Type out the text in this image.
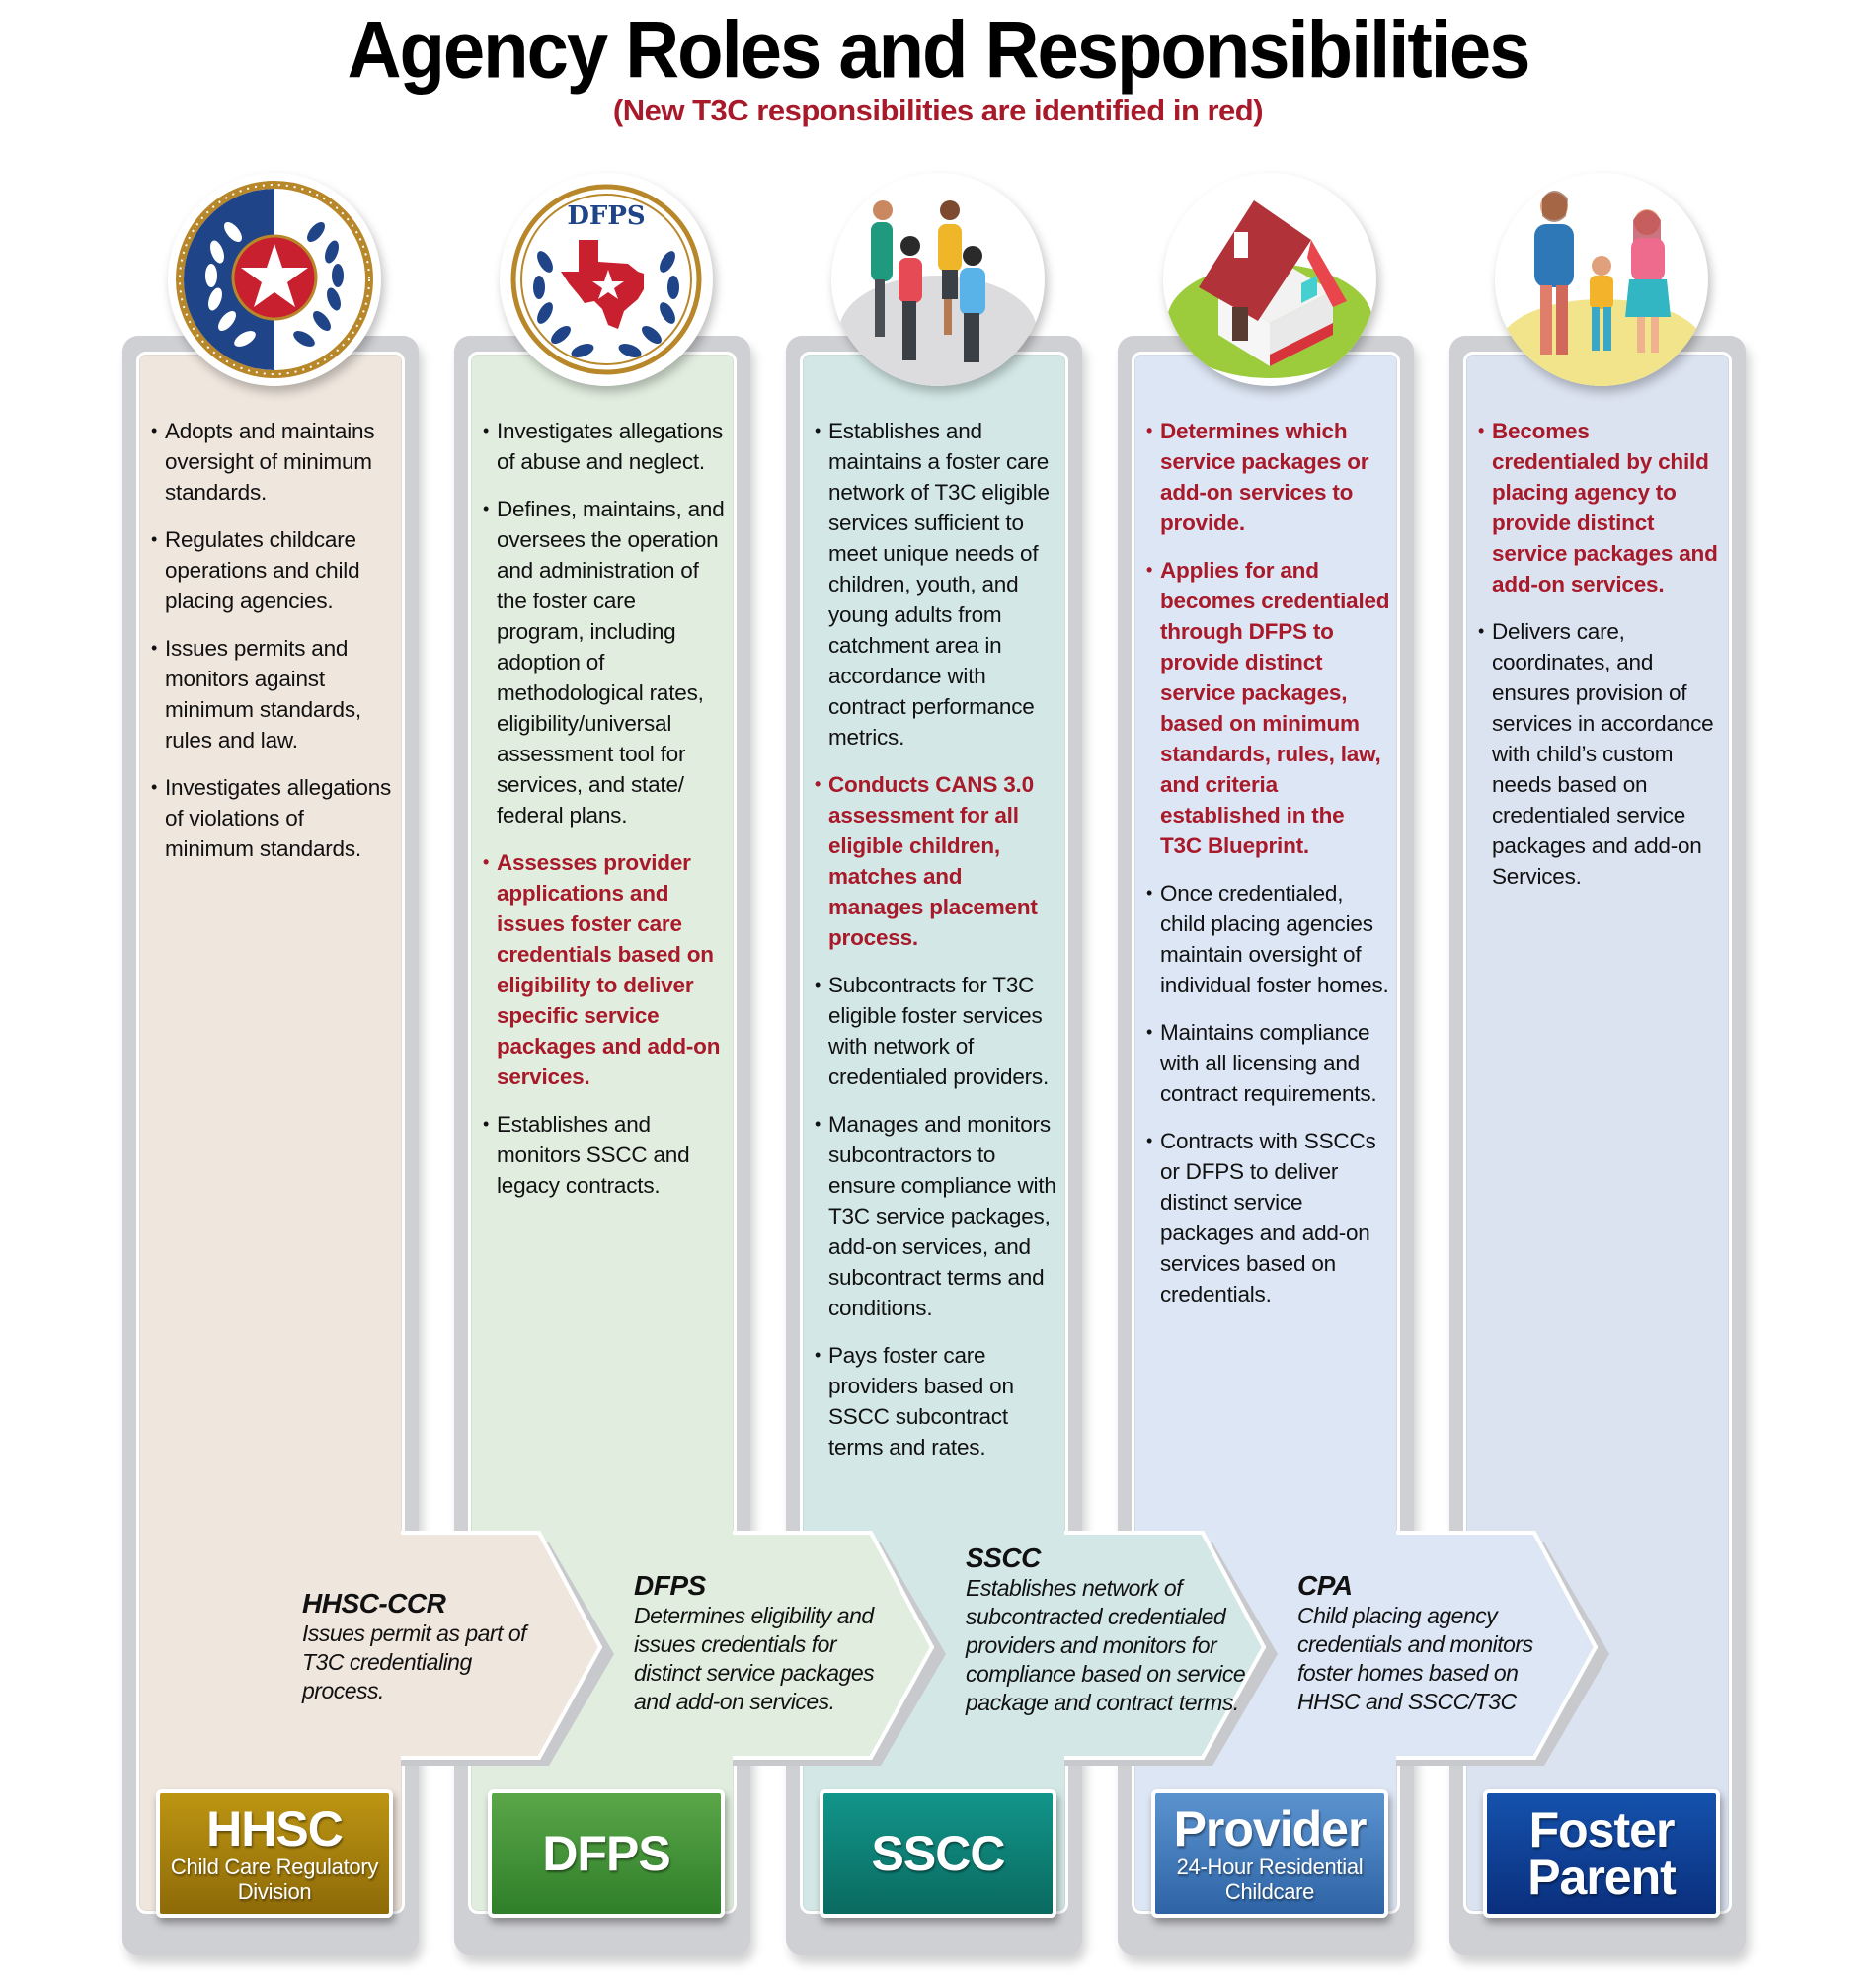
Agency Roles and Responsibilities
(New T3C responsibilities are identified in red)
• Adopts and maintains oversight of minimum standards.
• Regulates childcare operations and child placing agencies.
• Issues permits and monitors against minimum standards, rules and law.
• Investigates allegations of violations of minimum standards.
• Investigates allegations of abuse and neglect.
• Defines, maintains, and oversees the operation and administration of the foster care program, including adoption of methodological rates, eligibility/universal assessment tool for services, and state/ federal plans.
• Assesses provider applications and issues foster care credentials based on eligibility to deliver specific service packages and add-on services.
• Establishes and monitors SSCC and legacy contracts.
• Establishes and maintains a foster care network of T3C eligible services sufficient to meet unique needs of children, youth, and young adults from catchment area in accordance with contract performance metrics.
• Conducts CANS 3.0 assessment for all eligible children, matches and manages placement process.
• Subcontracts for T3C eligible foster services with network of credentialed providers.
• Manages and monitors subcontractors to ensure compliance with T3C service packages, add-on services, and subcontract terms and conditions.
• Pays foster care providers based on SSCC subcontract terms and rates.
• Determines which service packages or add-on services to provide.
• Applies for and becomes credentialed through DFPS to provide distinct service packages, based on minimum standards, rules, law, and criteria established in the T3C Blueprint.
• Once credentialed, child placing agencies maintain oversight of individual foster homes.
• Maintains compliance with all licensing and contract requirements.
• Contracts with SSCCs or DFPS to deliver distinct service packages and add-on services based on credentials.
• Becomes credentialed by child placing agency to provide distinct service packages and add-on services.
• Delivers care, coordinates, and ensures provision of services in accordance with child’s custom needs based on credentialed service packages and add-on Services.
HHSC-CCR
Issues permit as part of T3C credentialing process.
DFPS
Determines eligibility and issues credentials for distinct service packages and add-on services.
SSCC
Establishes network of subcontracted credentialed providers and monitors for compliance based on service package and contract terms.
CPA
Child placing agency credentials and monitors foster homes based on HHSC and SSCC/T3C
HHSC
Child Care Regulatory Division
DFPS	SSCC	Provider
24-Hour Residential Childcare
Foster Parent
DFPS
